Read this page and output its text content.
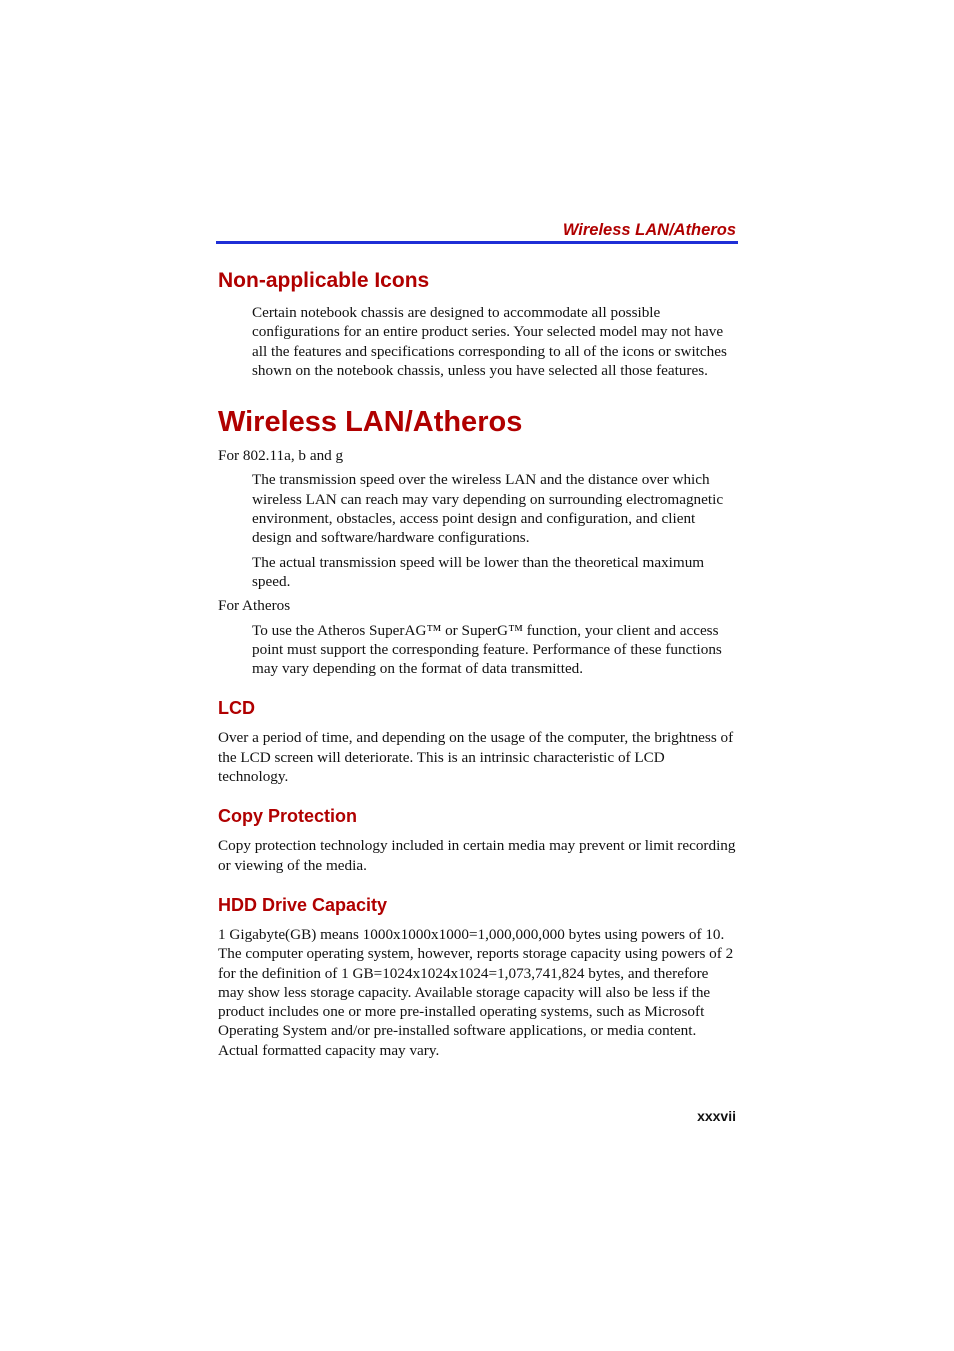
Wireless LAN/Atheros
Non-applicable Icons

Certain notebook chassis are designed to accommodate all possible configurations for an entire product series. Your selected model may not have all the features and specifications corresponding to all of the icons or switches shown on the notebook chassis, unless you have selected all those features.

Wireless LAN/Atheros

For 802.11a, b and g

The transmission speed over the wireless LAN and the distance over which wireless LAN can reach may vary depending on surrounding electromagnetic environment, obstacles, access point design and configuration, and client design and software/hardware configurations.

The actual transmission speed will be lower than the theoretical maximum speed.

For Atheros

To use the Atheros SuperAG™ or SuperG™ function, your client and access point must support the corresponding feature. Performance of these functions may vary depending on the format of data transmitted.

LCD

Over a period of time, and depending on the usage of the computer, the brightness of the LCD screen will deteriorate. This is an intrinsic characteristic of LCD technology.

Copy Protection

Copy protection technology included in certain media may prevent or limit recording or viewing of the media.

HDD Drive Capacity

1 Gigabyte(GB) means 1000x1000x1000=1,000,000,000 bytes using powers of 10. The computer operating system, however, reports storage capacity using powers of 2 for the definition of 1 GB=1024x1024x1024=1,073,741,824 bytes, and therefore may show less storage capacity. Available storage capacity will also be less if the product includes one or more pre-installed operating systems, such as Microsoft Operating System and/or pre-installed software applications, or media content. Actual formatted capacity may vary.

xxxvii
